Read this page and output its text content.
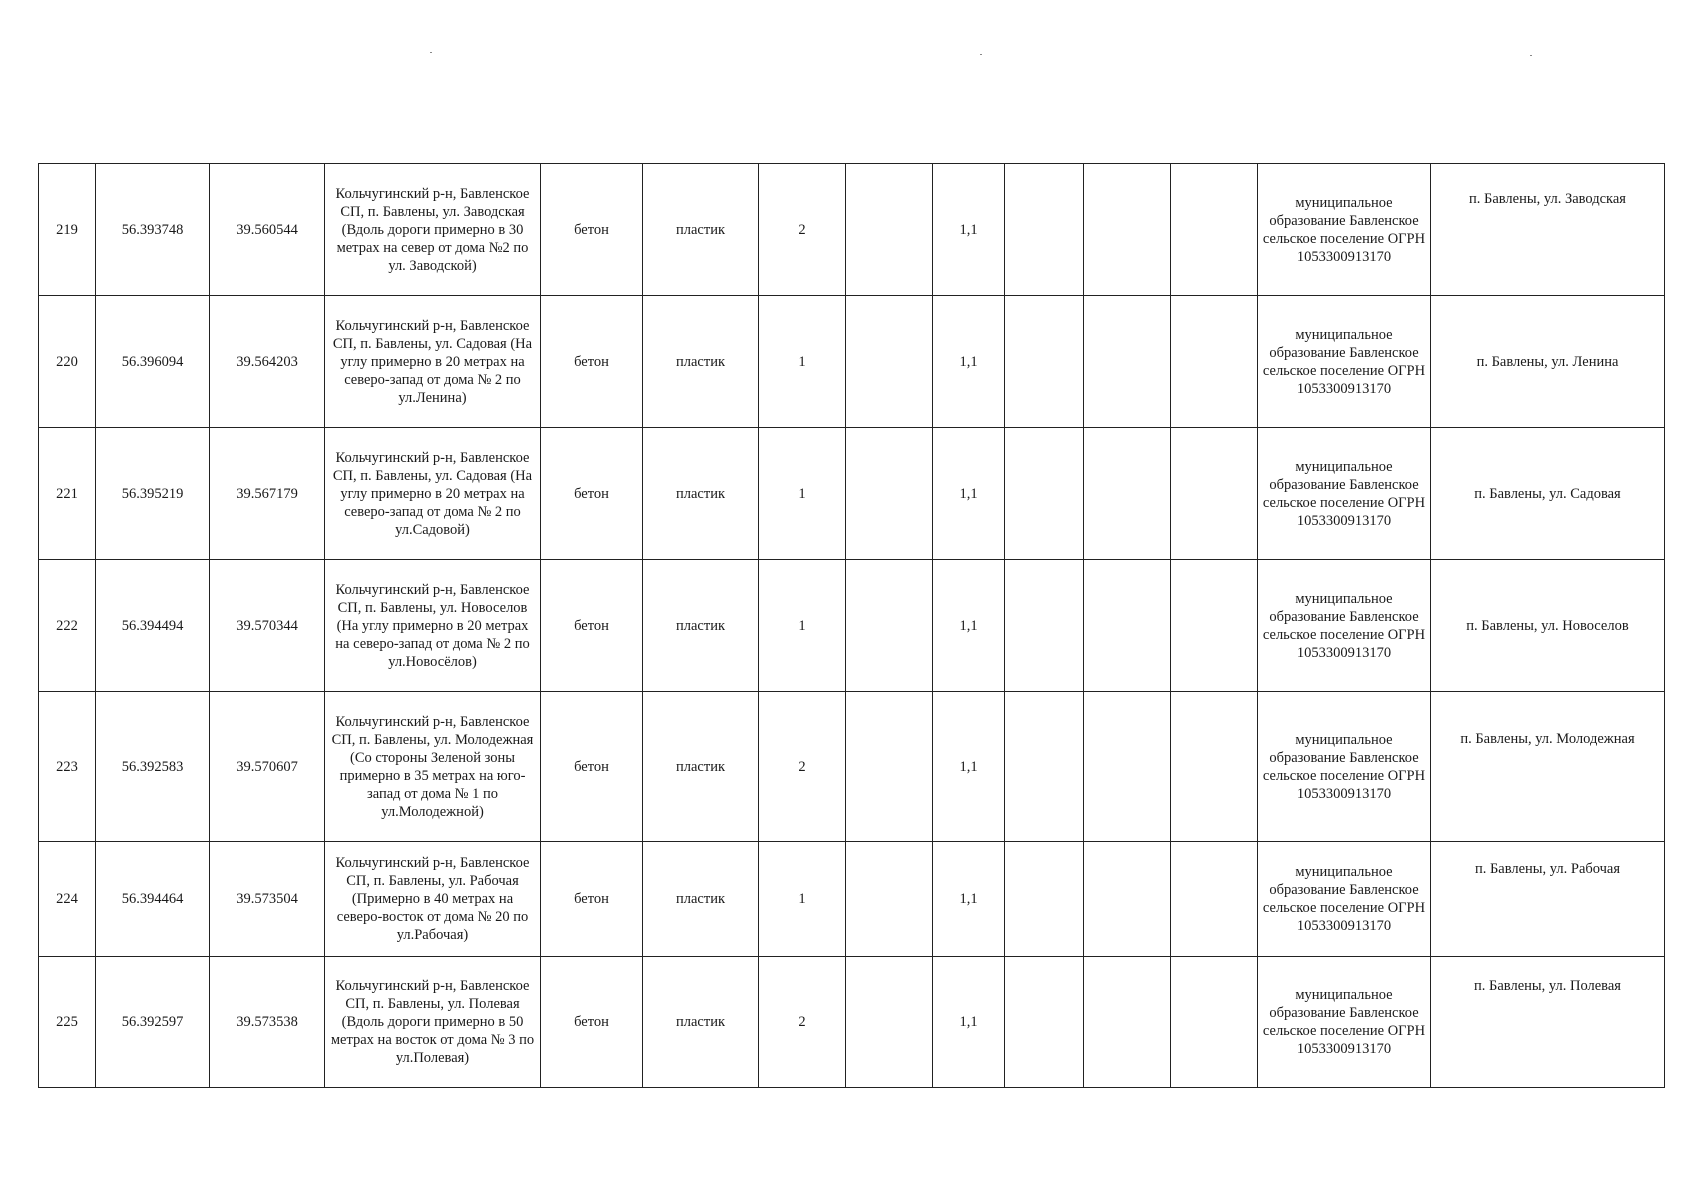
219	56.393748	39.560544	Кольчугинский р-н, Бавленское СП, п. Бавлены, ул. Заводская (Вдоль дороги примерно в 30 метрах на север от дома №2 по ул. Заводской)	бетон	пластик	2		1,1				муниципальное образование Бавленское сельское поселение ОГРН 1053300913170	п. Бавлены, ул. Заводская
220	56.396094	39.564203	Кольчугинский р-н, Бавленское СП, п. Бавлены, ул. Садовая (На углу примерно в 20 метрах на северо-запад от дома № 2 по ул.Ленина)	бетон	пластик	1		1,1				муниципальное образование Бавленское сельское поселение ОГРН 1053300913170	п. Бавлены, ул. Ленина
221	56.395219	39.567179	Кольчугинский р-н, Бавленское СП, п. Бавлены, ул. Садовая (На углу примерно в 20 метрах на северо-запад от дома № 2 по ул.Садовой)	бетон	пластик	1		1,1				муниципальное образование Бавленское сельское поселение ОГРН 1053300913170	п. Бавлены, ул. Садовая
222	56.394494	39.570344	Кольчугинский р-н, Бавленское СП, п. Бавлены, ул. Новоселов (На углу примерно в 20 метрах на северо-запад от дома № 2 по ул.Новосёлов)	бетон	пластик	1		1,1				муниципальное образование Бавленское сельское поселение ОГРН 1053300913170	п. Бавлены, ул. Новоселов
223	56.392583	39.570607	Кольчугинский р-н, Бавленское СП, п. Бавлены, ул. Молодежная (Со стороны Зеленой зоны примерно в 35 метрах на юго-запад от дома № 1 по ул.Молодежной)	бетон	пластик	2		1,1				муниципальное образование Бавленское сельское поселение ОГРН 1053300913170	п. Бавлены, ул. Молодежная
224	56.394464	39.573504	Кольчугинский р-н, Бавленское СП, п. Бавлены, ул. Рабочая (Примерно в 40 метрах на северо-восток от дома № 20 по ул.Рабочая)	бетон	пластик	1		1,1				муниципальное образование Бавленское сельское поселение ОГРН 1053300913170	п. Бавлены, ул. Рабочая
225	56.392597	39.573538	Кольчугинский р-н, Бавленское СП, п. Бавлены, ул. Полевая (Вдоль дороги примерно в 50 метрах на восток от дома № 3 по ул.Полевая)	бетон	пластик	2		1,1				муниципальное образование Бавленское сельское поселение ОГРН 1053300913170	п. Бавлены, ул. Полевая
